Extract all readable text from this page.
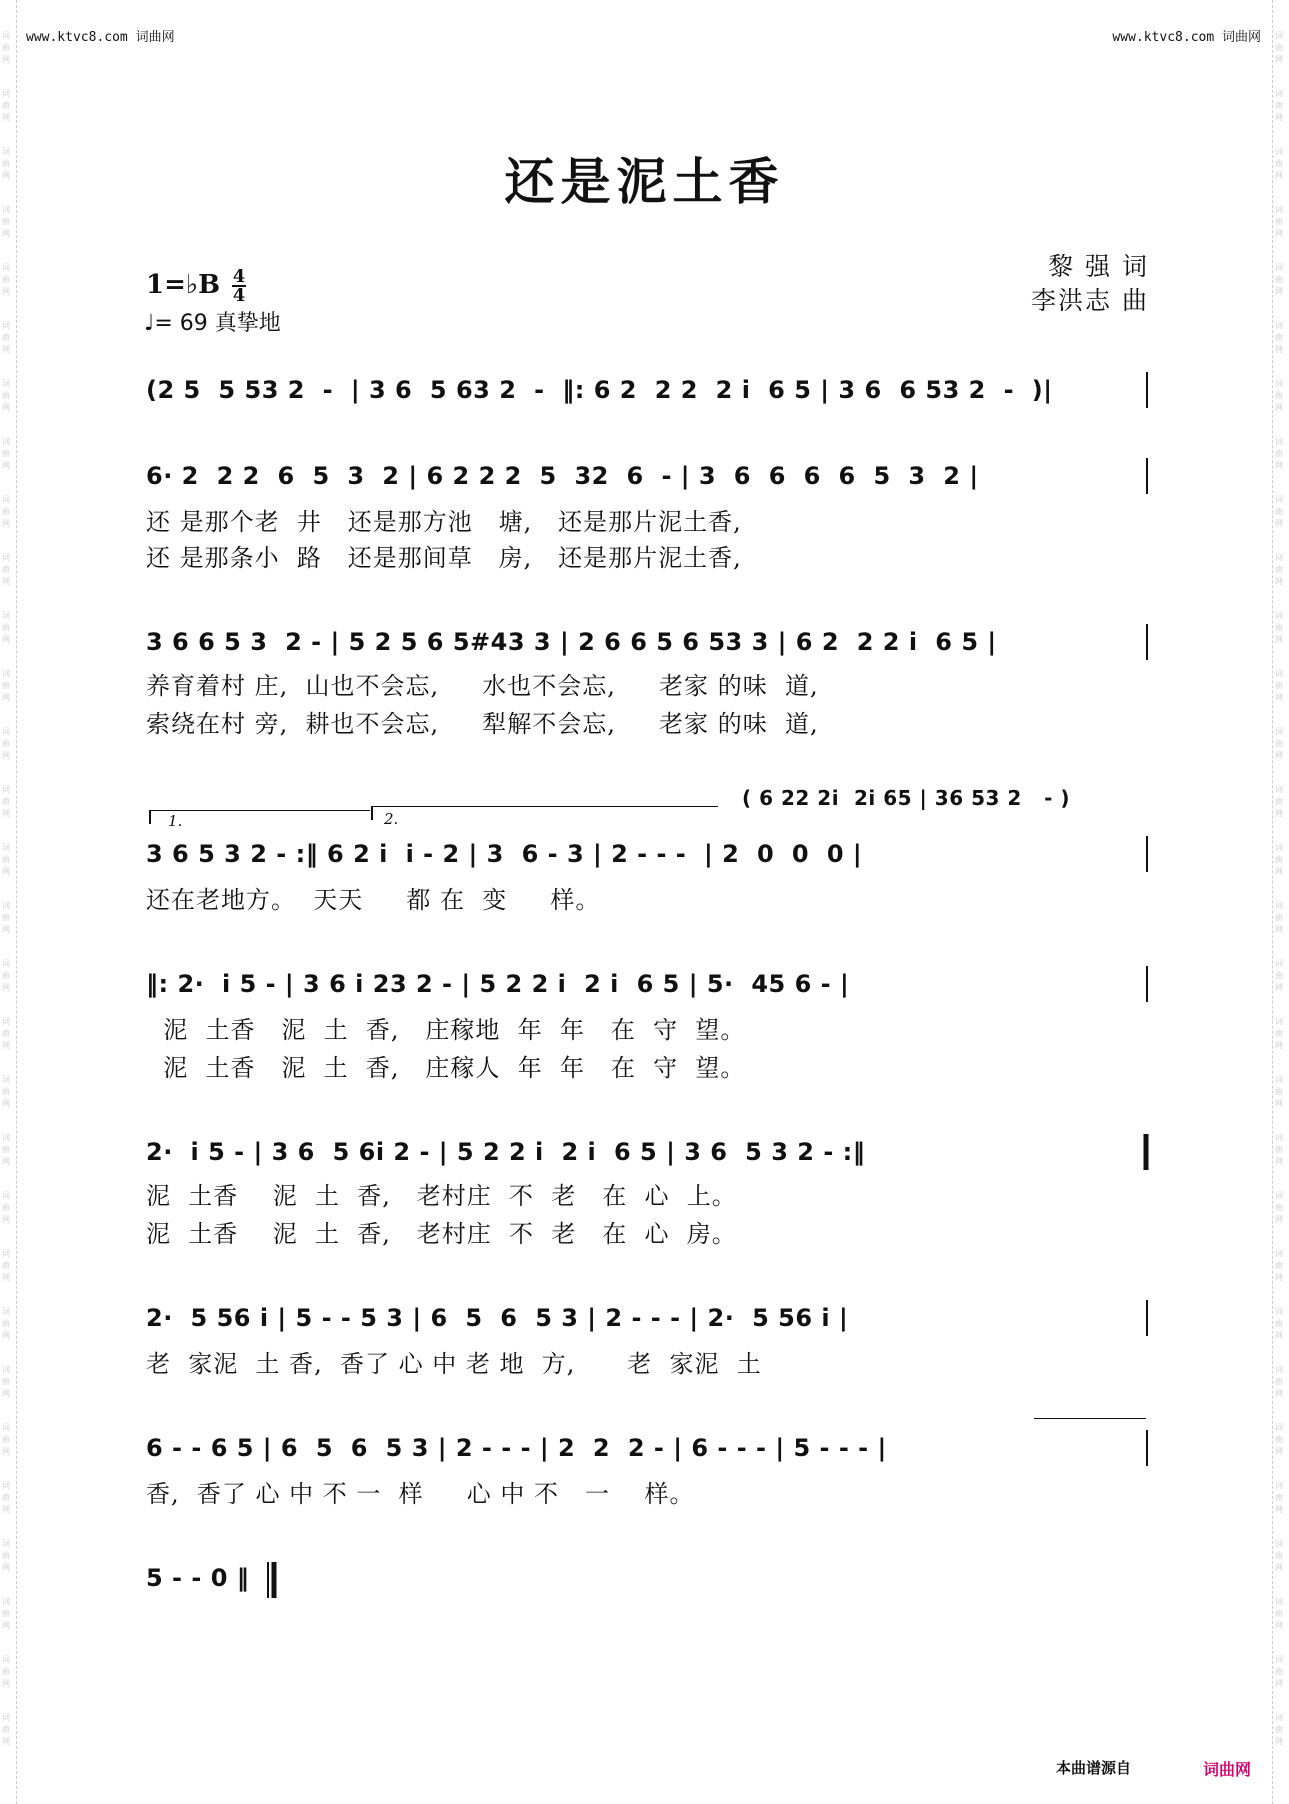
词曲网
词曲网
词曲网
词曲网
词曲网
词曲网
词曲网
词曲网
词曲网
词曲网
词曲网
词曲网
词曲网
词曲网
词曲网
词曲网
词曲网
词曲网
词曲网
词曲网
词曲网
词曲网
词曲网
词曲网
词曲网
词曲网
词曲网
词曲网
词曲网
词曲网
词曲网
词曲网
词曲网
词曲网
词曲网
词曲网
词曲网
词曲网
词曲网
词曲网
词曲网
词曲网
词曲网
词曲网
词曲网
词曲网
词曲网
词曲网
词曲网
词曲网
词曲网
词曲网
词曲网
词曲网
词曲网
词曲网
词曲网
词曲网
词曲网
词曲网
www.ktvc8.com 词曲网	www.ktvc8.com 词曲网
还是泥土香
1=♭B 4
4
♩= 69 真挚地
黎 强 词
李洪志 曲
(2 5  5 53 2  -  | 3 6  5 63 2  -  ‖: 6 2  2 2  2 i  6 5 | 3 6  6 53 2  -  )|
6· 2  2 2  6  5  3  2 | 6 2 2 2  5  32  6  - | 3  6  6  6  6  5  3  2 |
还 是那个老  井   还是那方池   塘,   还是那片泥土香,
还 是那条小  路   还是那间草   房,   还是那片泥土香,
3 6 6 5 3  2 - | 5 2 5 6 5#43 3 | 2 6 6 5 6 53 3 | 6 2  2 2 i  6 5 |
养育着村 庄,  山也不会忘,     水也不会忘,     老家 的味  道,
索绕在村 旁,  耕也不会忘,     犁解不会忘,     老家 的味  道,
( 6 22 2i  2i 65 | 36 53 2   - )
1.	2.
3 6 5 3 2 - :‖ 6 2 i  i - 2 | 3  6 - 3 | 2 - - -  | 2  0  0  0 |
还在老地方。  天天     都 在  变     样。
‖: 2·  i 5 - | 3 6 i 23 2 - | 5 2 2 i  2 i  6 5 | 5·  45 6 - |
泥  土香   泥  土  香,   庄稼地  年  年   在  守  望。
泥  土香   泥  土  香,   庄稼人  年  年   在  守  望。
2·  i 5 - | 3 6  5 6i 2 - | 5 2 2 i  2 i  6 5 | 3 6  5 3 2 - :‖
泥  土香    泥  土  香,   老村庄  不  老   在  心  上。
泥  土香    泥  土  香,   老村庄  不  老   在  心  房。
2·  5 56 i | 5 - - 5 3 | 6  5  6  5 3 | 2 - - - | 2·  5 56 i |
老  家泥  土 香,  香了 心 中 老 地  方,      老  家泥  土
6 - - 6 5 | 6  5  6  5 3 | 2 - - - | 2  2  2 - | 6 - - - | 5 - - - |
香,  香了 心 中 不 一  样     心 中 不   一    样。
5 - - 0 ‖
本曲谱源自	词曲网
